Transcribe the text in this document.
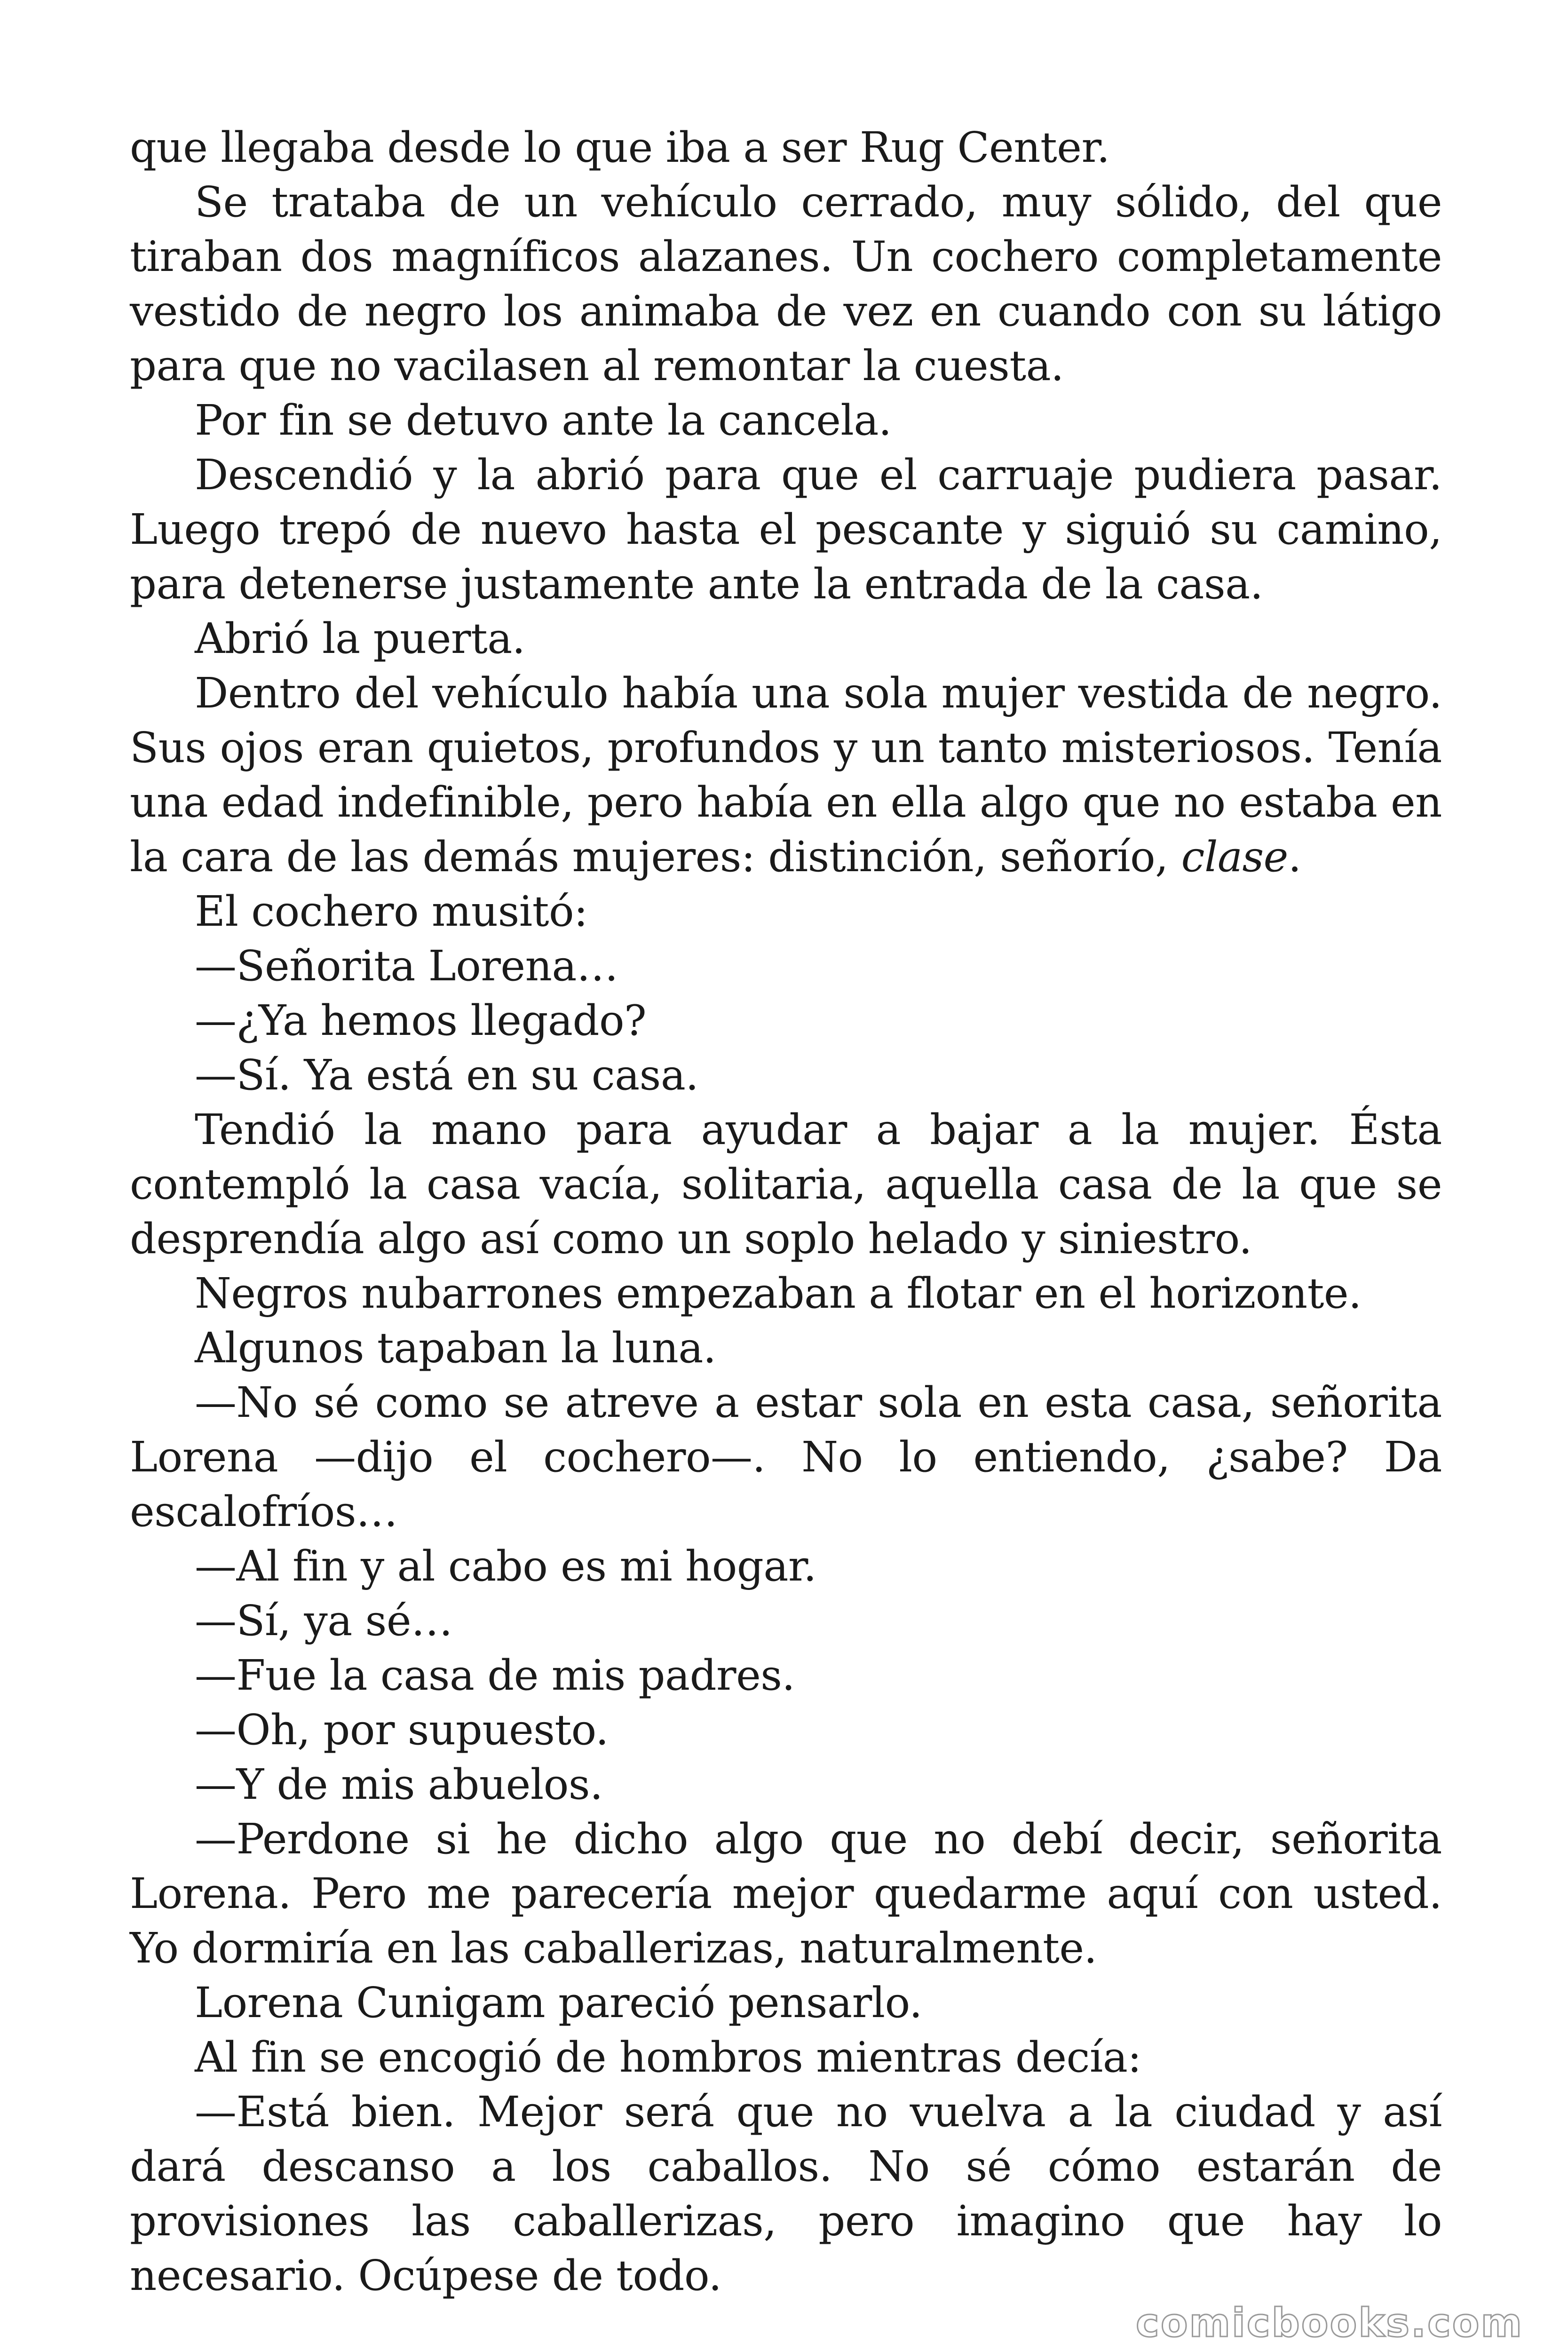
que llegaba desde lo que iba a ser Rug Center.

Se trataba de un vehículo cerrado, muy sólido, del que tiraban dos magníficos alazanes. Un cochero completamente vestido de negro los animaba de vez en cuando con su látigo para que no vacilasen al remontar la cuesta.

Por fin se detuvo ante la cancela.

Descendió y la abrió para que el carruaje pudiera pasar. Luego trepó de nuevo hasta el pescante y siguió su camino, para detenerse justamente ante la entrada de la casa.

Abrió la puerta.

Dentro del vehículo había una sola mujer vestida de negro. Sus ojos eran quietos, profundos y un tanto misteriosos. Tenía una edad indefinible, pero había en ella algo que no estaba en la cara de las demás mujeres: distinción, señorío, clase.

El cochero musitó:

—Señorita Lorena…

—¿Ya hemos llegado?

—Sí. Ya está en su casa.

Tendió la mano para ayudar a bajar a la mujer. Ésta contempló la casa vacía, solitaria, aquella casa de la que se desprendía algo así como un soplo helado y siniestro.

Negros nubarrones empezaban a flotar en el horizonte.

Algunos tapaban la luna.

—No sé como se atreve a estar sola en esta casa, señorita Lorena —dijo el cochero—. No lo entiendo, ¿sabe? Da escalofríos…

—Al fin y al cabo es mi hogar.

—Sí, ya sé…

—Fue la casa de mis padres.

—Oh, por supuesto.

—Y de mis abuelos.

—Perdone si he dicho algo que no debí decir, señorita Lorena. Pero me parecería mejor quedarme aquí con usted. Yo dormiría en las caballerizas, naturalmente.

Lorena Cunigam pareció pensarlo.

Al fin se encogió de hombros mientras decía:

—Está bien. Mejor será que no vuelva a la ciudad y así dará descanso a los caballos. No sé cómo estarán de provisiones las caballerizas, pero imagino que hay lo necesario. Ocúpese de todo.

comicbooks.com
